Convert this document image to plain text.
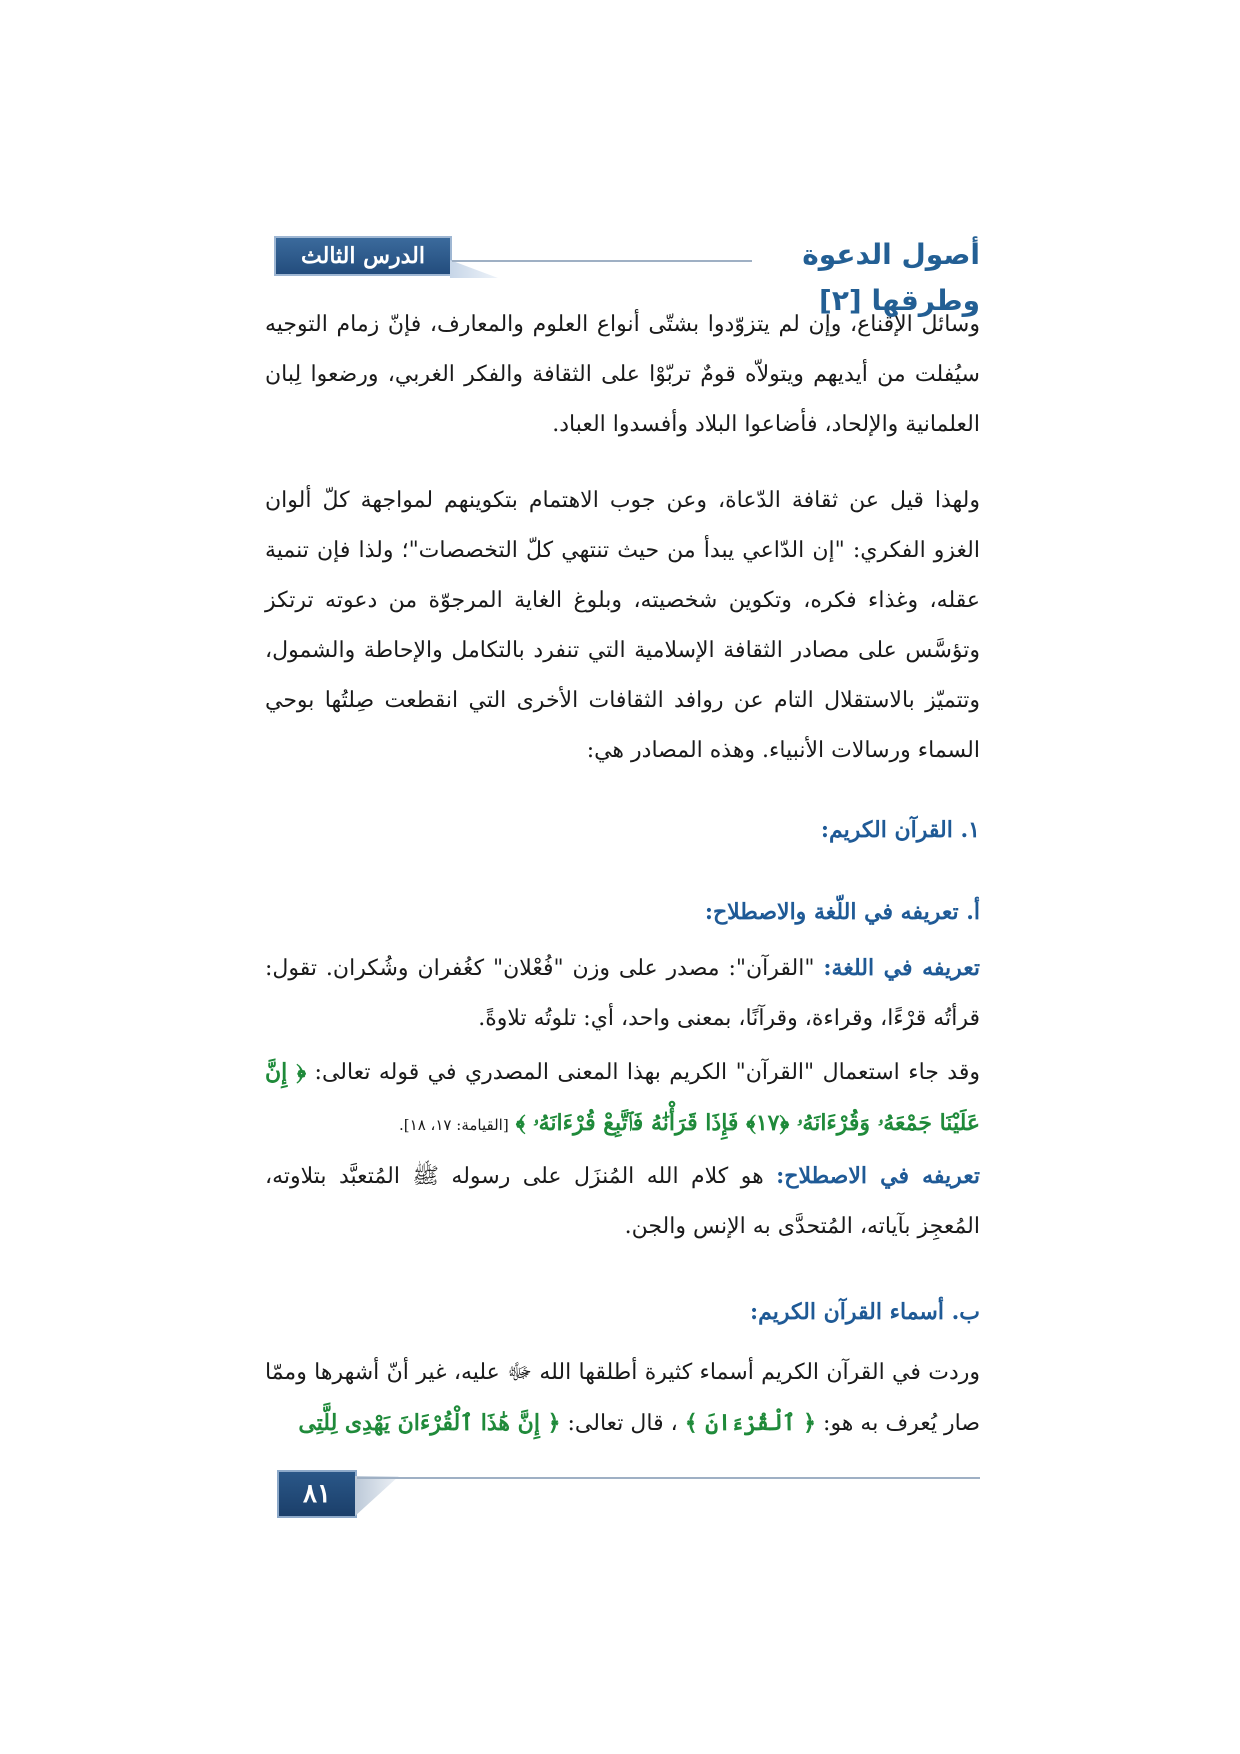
الدرس الثالث	أصول الدعوة وطرقها [٢]

وسائل الإقناع، وإن لم يتزوّدوا بشتّى أنواع العلوم والمعارف، فإنّ زمام التوجيه سيُفلت من أيديهم ويتولاّه قومٌ تربّوْا على الثقافة والفكر الغربي، ورضعوا لِبان العلمانية والإلحاد، فأضاعوا البلاد وأفسدوا العباد.

ولهذا قيل عن ثقافة الدّعاة، وعن جوب الاهتمام بتكوينهم لمواجهة كلّ ألوان الغزو الفكري: "إن الدّاعي يبدأ من حيث تنتهي كلّ التخصصات"؛ ولذا فإن تنمية عقله، وغذاء فكره، وتكوين شخصيته، وبلوغ الغاية المرجوّة من دعوته ترتكز وتؤسَّس على مصادر الثقافة الإسلامية التي تنفرد بالتكامل والإحاطة والشمول، وتتميّز بالاستقلال التام عن روافد الثقافات الأخرى التي انقطعت صِلتُها بوحي السماء ورسالات الأنبياء. وهذه المصادر هي:

١. القرآن الكريم:
أ. تعريفه في اللّغة والاصطلاح:

تعريفه في اللغة: "القرآن": مصدر على وزن "فُعْلان" كغُفران وشُكران. تقول: قرأتُه قرْءًا، وقراءة، وقرآنًا، بمعنى واحد، أي: تلوتُه تلاوةً.

وقد جاء استعمال "القرآن" الكريم بهذا المعنى المصدري في قوله تعالى: ﴿ إِنَّ عَلَيْنَا جَمْعَهُۥ وَقُرْءَانَهُۥ ﴿١٧﴾ فَإِذَا قَرَأْنَٰهُ فَٱتَّبِعْ قُرْءَانَهُۥ ﴾ [القيامة: ١٧، ١٨].

تعريفه في الاصطلاح: هو كلام الله المُنزَل على رسوله ﷺ المُتعبَّد بتلاوته، المُعجِز بآياته، المُتحدَّى به الإنس والجن.

ب. أسماء القرآن الكريم:

وردت في القرآن الكريم أسماء كثيرة أطلقها الله ﷻ عليه، غير أنّ أشهرها وممّا صار يُعرف به هو: ﴿ ٱلْقُرْءَانَ ﴾ ، قال تعالى: ﴿ إِنَّ هَٰذَا ٱلْقُرْءَانَ يَهْدِى لِلَّتِى

٨١
